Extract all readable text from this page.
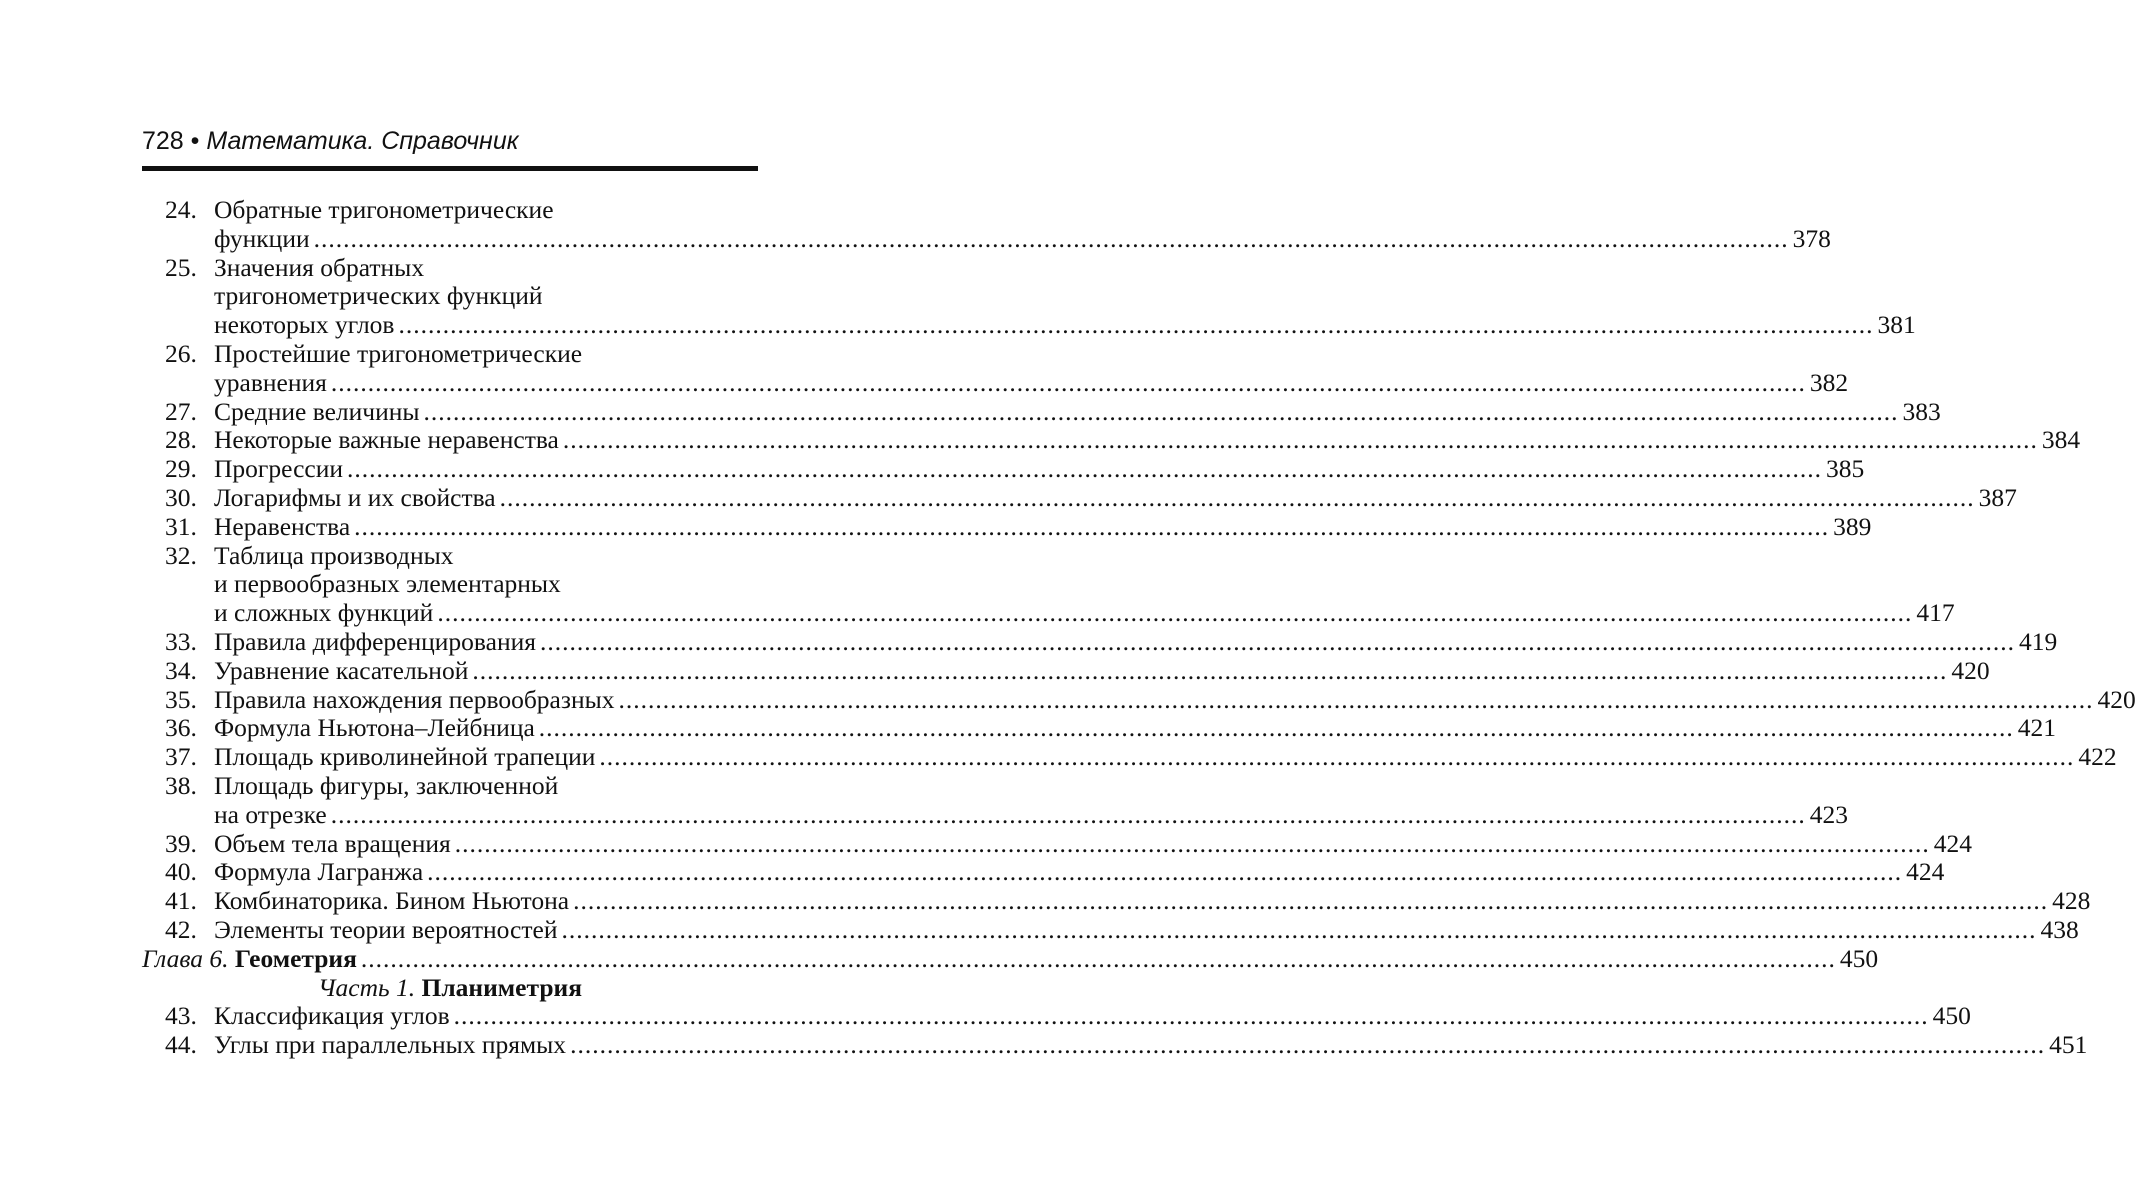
728 • Математика. Справочник
24. Обратные тригонометрические
функции ........................................................................................................................................................................................................ 378
25. Значения обратных
тригонометрических функций
некоторых углов ........................................................................................................................................................................................................ 381
26. Простейшие тригонометрические
уравнения ........................................................................................................................................................................................................ 382
27. Средние величины ........................................................................................................................................................................................................ 383
28. Некоторые важные неравенства ........................................................................................................................................................................................................ 384
29. Прогрессии ........................................................................................................................................................................................................ 385
30. Логарифмы и их свойства ........................................................................................................................................................................................................ 387
31. Неравенства ........................................................................................................................................................................................................ 389
32. Таблица производных
и первообразных элементарных
и сложных функций ........................................................................................................................................................................................................ 417
33. Правила дифференцирования ........................................................................................................................................................................................................ 419
34. Уравнение касательной ........................................................................................................................................................................................................ 420
35. Правила нахождения первообразных ........................................................................................................................................................................................................ 420
36. Формула Ньютона–Лейбница ........................................................................................................................................................................................................ 421
37. Площадь криволинейной трапеции ........................................................................................................................................................................................................ 422
38. Площадь фигуры, заключенной
на отрезке ........................................................................................................................................................................................................ 423
39. Объем тела вращения ........................................................................................................................................................................................................ 424
40. Формула Лагранжа ........................................................................................................................................................................................................ 424
41. Комбинаторика. Бином Ньютона ........................................................................................................................................................................................................ 428
42. Элементы теории вероятностей ........................................................................................................................................................................................................ 438
Глава 6. Геометрия ........................................................................................................................................................................................................ 450
Часть 1. Планиметрия
43. Классификация углов ........................................................................................................................................................................................................ 450
44. Углы при параллельных прямых ........................................................................................................................................................................................................ 451
